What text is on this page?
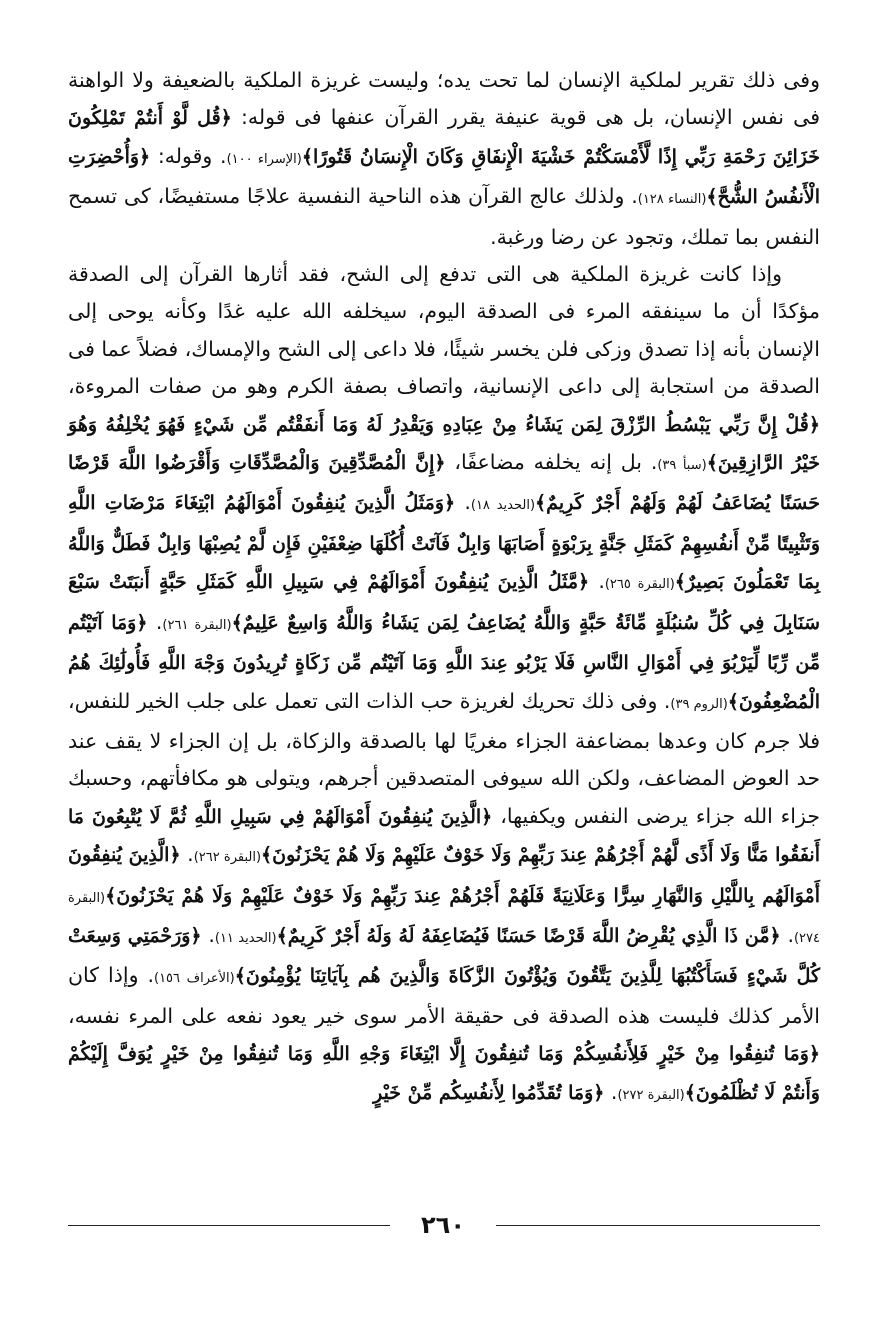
وفى ذلك تقرير لملكية الإنسان لما تحت يده؛ وليست غريزة الملكية بالضعيفة ولا الواهنة فى نفس الإنسان، بل هى قوية عنيفة يقرر القرآن عنفها فى قوله: ﴿قُل لَّوْ أَنتُمْ تَمْلِكُونَ خَزَائِنَ رَحْمَةِ رَبِّي إِذًا لَّأَمْسَكْتُمْ خَشْيَةَ الْإِنفَاقِ وَكَانَ الْإِنسَانُ قَتُورًا﴾(الإسراء ١٠٠). وقوله: ﴿وَأُحْضِرَتِ الْأَنفُسُ الشُّحَّ﴾(النساء ١٢٨). ولذلك عالج القرآن هذه الناحية النفسية علاجًا مستفيضًا، كى تسمح النفس بما تملك، وتجود عن رضا ورغبة.

وإذا كانت غريزة الملكية هى التى تدفع إلى الشح، فقد أثارها القرآن إلى الصدقة مؤكدًا أن ما سينفقه المرء فى الصدقة اليوم، سيخلفه الله عليه غدًا وكأنه يوحى إلى الإنسان بأنه إذا تصدق وزكى فلن يخسر شيئًا، فلا داعى إلى الشح والإمساك، فضلاً عما فى الصدقة من استجابة إلى داعى الإنسانية، واتصاف بصفة الكرم وهو من صفات المروءة، ﴿قُلْ إِنَّ رَبِّي يَبْسُطُ الرِّزْقَ لِمَن يَشَاءُ مِنْ عِبَادِهِ وَيَقْدِرُ لَهُ وَمَا أَنفَقْتُم مِّن شَيْءٍ فَهُوَ يُخْلِفُهُ وَهُوَ خَيْرُ الرَّازِقِينَ﴾(سبأ ٣٩). بل إنه يخلفه مضاعفًا، ﴿إِنَّ الْمُصَّدِّقِينَ وَالْمُصَّدِّقَاتِ وَأَقْرَضُوا اللَّهَ قَرْضًا حَسَنًا يُضَاعَفُ لَهُمْ وَلَهُمْ أَجْرٌ كَرِيمٌ﴾(الحديد ١٨). ﴿وَمَثَلُ الَّذِينَ يُنفِقُونَ أَمْوَالَهُمُ ابْتِغَاءَ مَرْضَاتِ اللَّهِ وَتَثْبِيتًا مِّنْ أَنفُسِهِمْ كَمَثَلِ جَنَّةٍ بِرَبْوَةٍ أَصَابَهَا وَابِلٌ فَآتَتْ أُكُلَهَا ضِعْفَيْنِ فَإِن لَّمْ يُصِبْهَا وَابِلٌ فَطَلٌّ وَاللَّهُ بِمَا تَعْمَلُونَ بَصِيرٌ﴾(البقرة ٢٦٥). ﴿مَّثَلُ الَّذِينَ يُنفِقُونَ أَمْوَالَهُمْ فِي سَبِيلِ اللَّهِ كَمَثَلِ حَبَّةٍ أَنبَتَتْ سَبْعَ سَنَابِلَ فِي كُلِّ سُنبُلَةٍ مِّائَةُ حَبَّةٍ وَاللَّهُ يُضَاعِفُ لِمَن يَشَاءُ وَاللَّهُ وَاسِعٌ عَلِيمٌ﴾(البقرة ٢٦١). ﴿وَمَا آتَيْتُم مِّن رِّبًا لِّيَرْبُوَ فِي أَمْوَالِ النَّاسِ فَلَا يَرْبُو عِندَ اللَّهِ وَمَا آتَيْتُم مِّن زَكَاةٍ تُرِيدُونَ وَجْهَ اللَّهِ فَأُولَٰئِكَ هُمُ الْمُضْعِفُونَ﴾(الروم ٣٩). وفى ذلك تحريك لغريزة حب الذات التى تعمل على جلب الخير للنفس، فلا جرم كان وعدها بمضاعفة الجزاء مغريًا لها بالصدقة والزكاة، بل إن الجزاء لا يقف عند حد العوض المضاعف، ولكن الله سيوفى المتصدقين أجرهم، ويتولى هو مكافأتهم، وحسبك جزاء الله جزاء يرضى النفس ويكفيها، ﴿الَّذِينَ يُنفِقُونَ أَمْوَالَهُمْ فِي سَبِيلِ اللَّهِ ثُمَّ لَا يُتْبِعُونَ مَا أَنفَقُوا مَنًّا وَلَا أَذًى لَّهُمْ أَجْرُهُمْ عِندَ رَبِّهِمْ وَلَا خَوْفٌ عَلَيْهِمْ وَلَا هُمْ يَحْزَنُونَ﴾(البقرة ٢٦٢). ﴿الَّذِينَ يُنفِقُونَ أَمْوَالَهُم بِاللَّيْلِ وَالنَّهَارِ سِرًّا وَعَلَانِيَةً فَلَهُمْ أَجْرُهُمْ عِندَ رَبِّهِمْ وَلَا خَوْفٌ عَلَيْهِمْ وَلَا هُمْ يَحْزَنُونَ﴾(البقرة ٢٧٤). ﴿مَّن ذَا الَّذِي يُقْرِضُ اللَّهَ قَرْضًا حَسَنًا فَيُضَاعِفَهُ لَهُ وَلَهُ أَجْرٌ كَرِيمٌ﴾(الحديد ١١). ﴿وَرَحْمَتِي وَسِعَتْ كُلَّ شَيْءٍ فَسَأَكْتُبُهَا لِلَّذِينَ يَتَّقُونَ وَيُؤْتُونَ الزَّكَاةَ وَالَّذِينَ هُم بِآيَاتِنَا يُؤْمِنُونَ﴾(الأعراف ١٥٦). وإذا كان الأمر كذلك فليست هذه الصدقة فى حقيقة الأمر سوى خير يعود نفعه على المرء نفسه، ﴿وَمَا تُنفِقُوا مِنْ خَيْرٍ فَلِأَنفُسِكُمْ وَمَا تُنفِقُونَ إِلَّا ابْتِغَاءَ وَجْهِ اللَّهِ وَمَا تُنفِقُوا مِنْ خَيْرٍ يُوَفَّ إِلَيْكُمْ وَأَنتُمْ لَا تُظْلَمُونَ﴾(البقرة ٢٧٢). ﴿وَمَا تُقَدِّمُوا لِأَنفُسِكُم مِّنْ خَيْرٍ

٢٦٠
